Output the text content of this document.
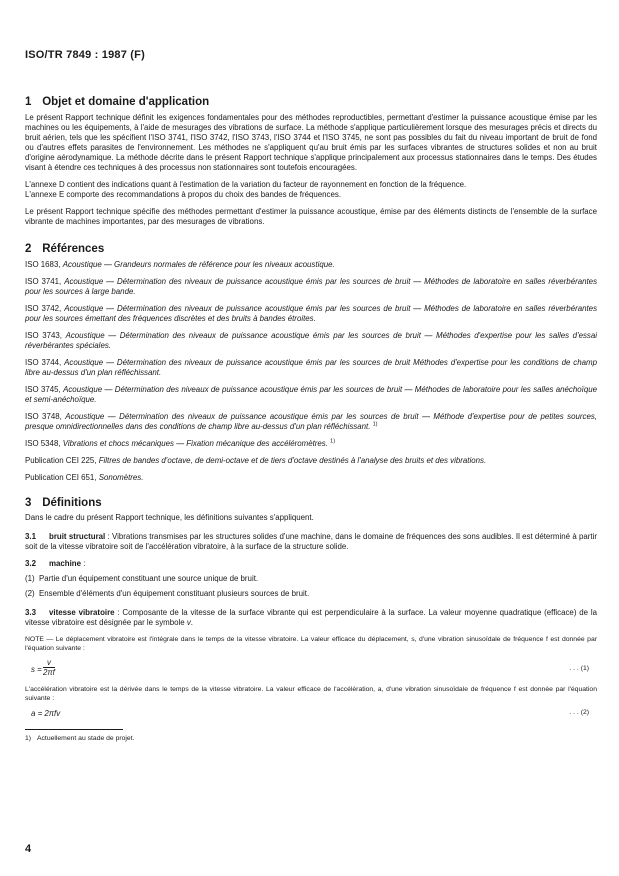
ISO/TR 7849 : 1987 (F)
1 Objet et domaine d'application

Le présent Rapport technique définit les exigences fondamentales pour des méthodes reproductibles, permettant d'estimer la puissance acoustique émise par les machines ou les équipements, à l'aide de mesurages des vibrations de surface. La méthode s'applique particulièrement lorsque des mesurages précis et directs du bruit aérien, tels que les spécifient l'ISO 3741, l'ISO 3742, l'ISO 3743, l'ISO 3744 et l'ISO 3745, ne sont pas possibles du fait du niveau important de bruit de fond ou d'autres effets parasites de l'environnement. Les méthodes ne s'appliquent qu'au bruit émis par les surfaces vibrantes de structures solides et non au bruit d'origine aérodynamique. La méthode décrite dans le présent Rapport technique s'applique principalement aux processus stationnaires dans le temps. Des études visant à étendre ces techniques à des processus non stationnaires sont toutefois encouragées.

L'annexe D contient des indications quant à l'estimation de la variation du facteur de rayonnement en fonction de la fréquence.

L'annexe E comporte des recommandations à propos du choix des bandes de fréquences.

Le présent Rapport technique spécifie des méthodes permettant d'estimer la puissance acoustique, émise par des éléments distincts de l'ensemble de la surface vibrante de machines importantes, par des mesurages de vibrations.

2 Références

ISO 1683, Acoustique — Grandeurs normales de référence pour les niveaux acoustique.

ISO 3741, Acoustique — Détermination des niveaux de puissance acoustique émis par les sources de bruit — Méthodes de laboratoire en salles réverbérantes pour les sources à large bande.

ISO 3742, Acoustique — Détermination des niveaux de puissance acoustique émis par les sources de bruit — Méthodes de laboratoire en salles réverbérantes pour les sources émettant des fréquences discrètes et des bruits à bandes étroites.

ISO 3743, Acoustique — Détermination des niveaux de puissance acoustique émis par les sources de bruit — Méthodes d'expertise pour les salles d'essai réverbérantes spéciales.

ISO 3744, Acoustique — Détermination des niveaux de puissance acoustique émis par les sources de bruit Méthodes d'expertise pour les conditions de champ libre au-dessus d'un plan réfléchissant.

ISO 3745, Acoustique — Détermination des niveaux de puissance acoustique émis par les sources de bruit — Méthodes de laboratoire pour les salles anéchoïque et semi-anéchoïque.

ISO 3748, Acoustique — Détermination des niveaux de puissance acoustique émis par les sources de bruit — Méthode d'expertise pour de petites sources, presque omnidirectionnelles dans des conditions de champ libre au-dessus d'un plan réfléchissant. $^{1)}$

ISO 5348, Vibrations et chocs mécaniques — Fixation mécanique des accéléromètres. $^{1)}$

Publication CEI 225, Filtres de bandes d'octave, de demi-octave et de tiers d'octave destinés à l'analyse des bruits et des vibrations.

Publication CEI 651, Sonomètres.

3 Définitions

Dans le cadre du présent Rapport technique, les définitions suivantes s'appliquent.

3.1 bruit structural : Vibrations transmises par les structures solides d'une machine, dans le domaine de fréquences des sons audibles. Il est déterminé à partir soit de la vitesse vibratoire soit de l'accélération vibratoire, à la surface de la structure solide.

3.2 machine :

(1) Partie d'un équipement constituant une source unique de bruit.

(2) Ensemble d'éléments d'un équipement constituant plusieurs sources de bruit.

3.3 vitesse vibratoire : Composante de la vitesse de la surface vibrante qui est perpendiculaire à la surface. La valeur moyenne quadratique (efficace) de la vitesse vibratoire est désignée par le symbole v.

NOTE — Le déplacement vibratoire est l'intégrale dans le temps de la vitesse vibratoire. La valeur efficace du déplacement, s, d'une vibration sinusoïdale de fréquence f est donnée par l'équation suivante :

$s = \frac{v}{2\pi f}$	. . . (1)

L'accélération vibratoire est la dérivée dans le temps de la vitesse vibratoire. La valeur efficace de l'accélération, a, d'une vibration sinusoïdale de fréquence f est donnée par l'équation suivante :

a = 2πfv	. . . (2)

1) Actuellement au stade de projet.

4
